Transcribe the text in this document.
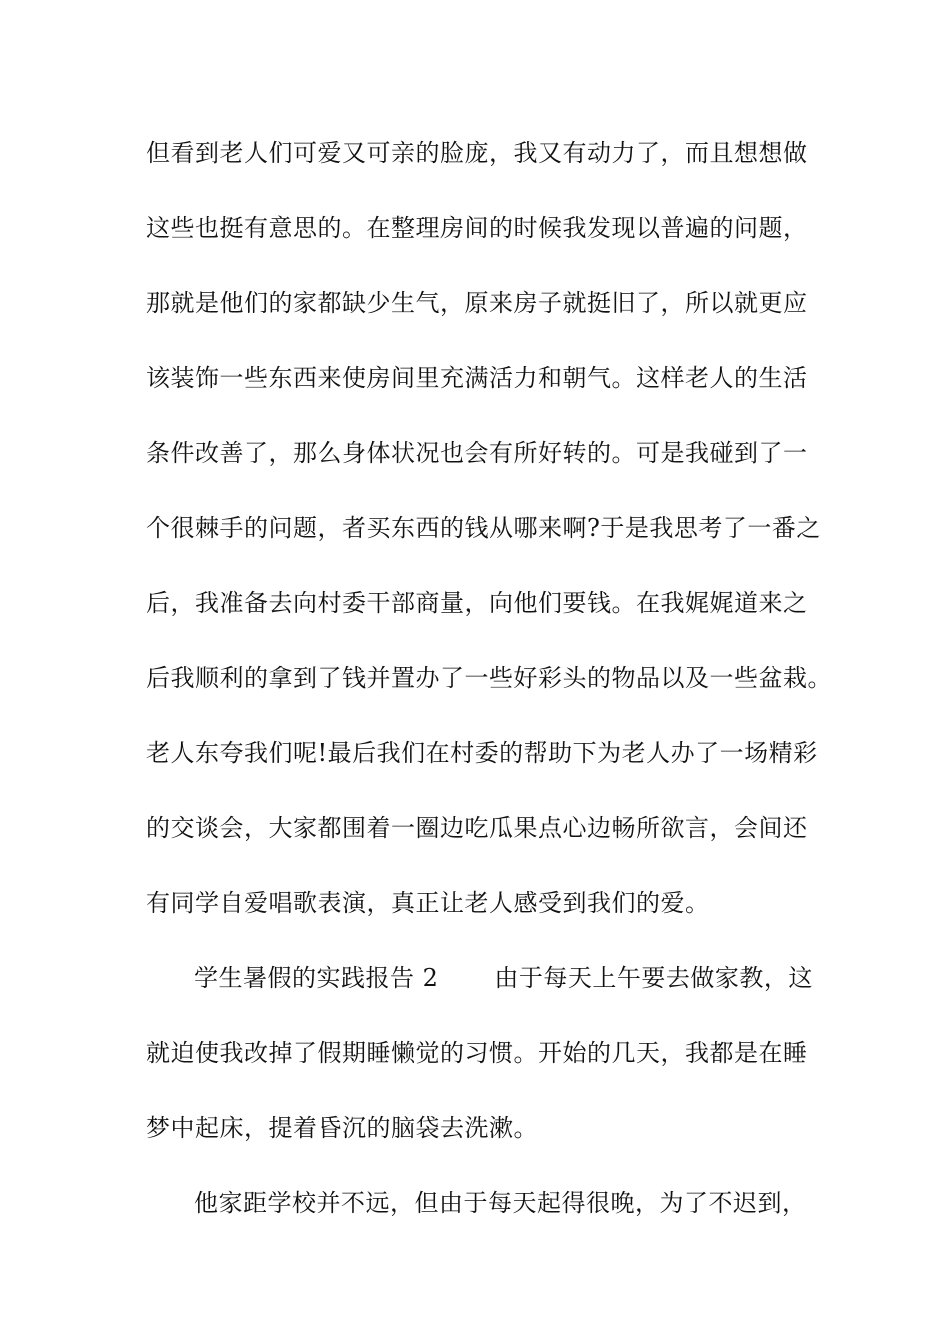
但看到老人们可爱又可亲的脸庞，我又有动力了，而且想想做
这些也挺有意思的。在整理房间的时候我发现以普遍的问题，
那就是他们的家都缺少生气，原来房子就挺旧了，所以就更应
该装饰一些东西来使房间里充满活力和朝气。这样老人的生活
条件改善了，那么身体状况也会有所好转的。可是我碰到了一
个很棘手的问题，者买东西的钱从哪来啊?于是我思考了一番之
后，我准备去向村委干部商量，向他们要钱。在我娓娓道来之
后我顺利的拿到了钱并置办了一些好彩头的物品以及一些盆栽。
老人东夸我们呢!最后我们在村委的帮助下为老人办了一场精彩
的交谈会，大家都围着一圈边吃瓜果点心边畅所欲言，会间还
有同学自爱唱歌表演，真正让老人感受到我们的爱。
学生暑假的实践报告 2 由于每天上午要去做家教，这
就迫使我改掉了假期睡懒觉的习惯。开始的几天，我都是在睡
梦中起床，提着昏沉的脑袋去洗漱。
他家距学校并不远，但由于每天起得很晚，为了不迟到，
